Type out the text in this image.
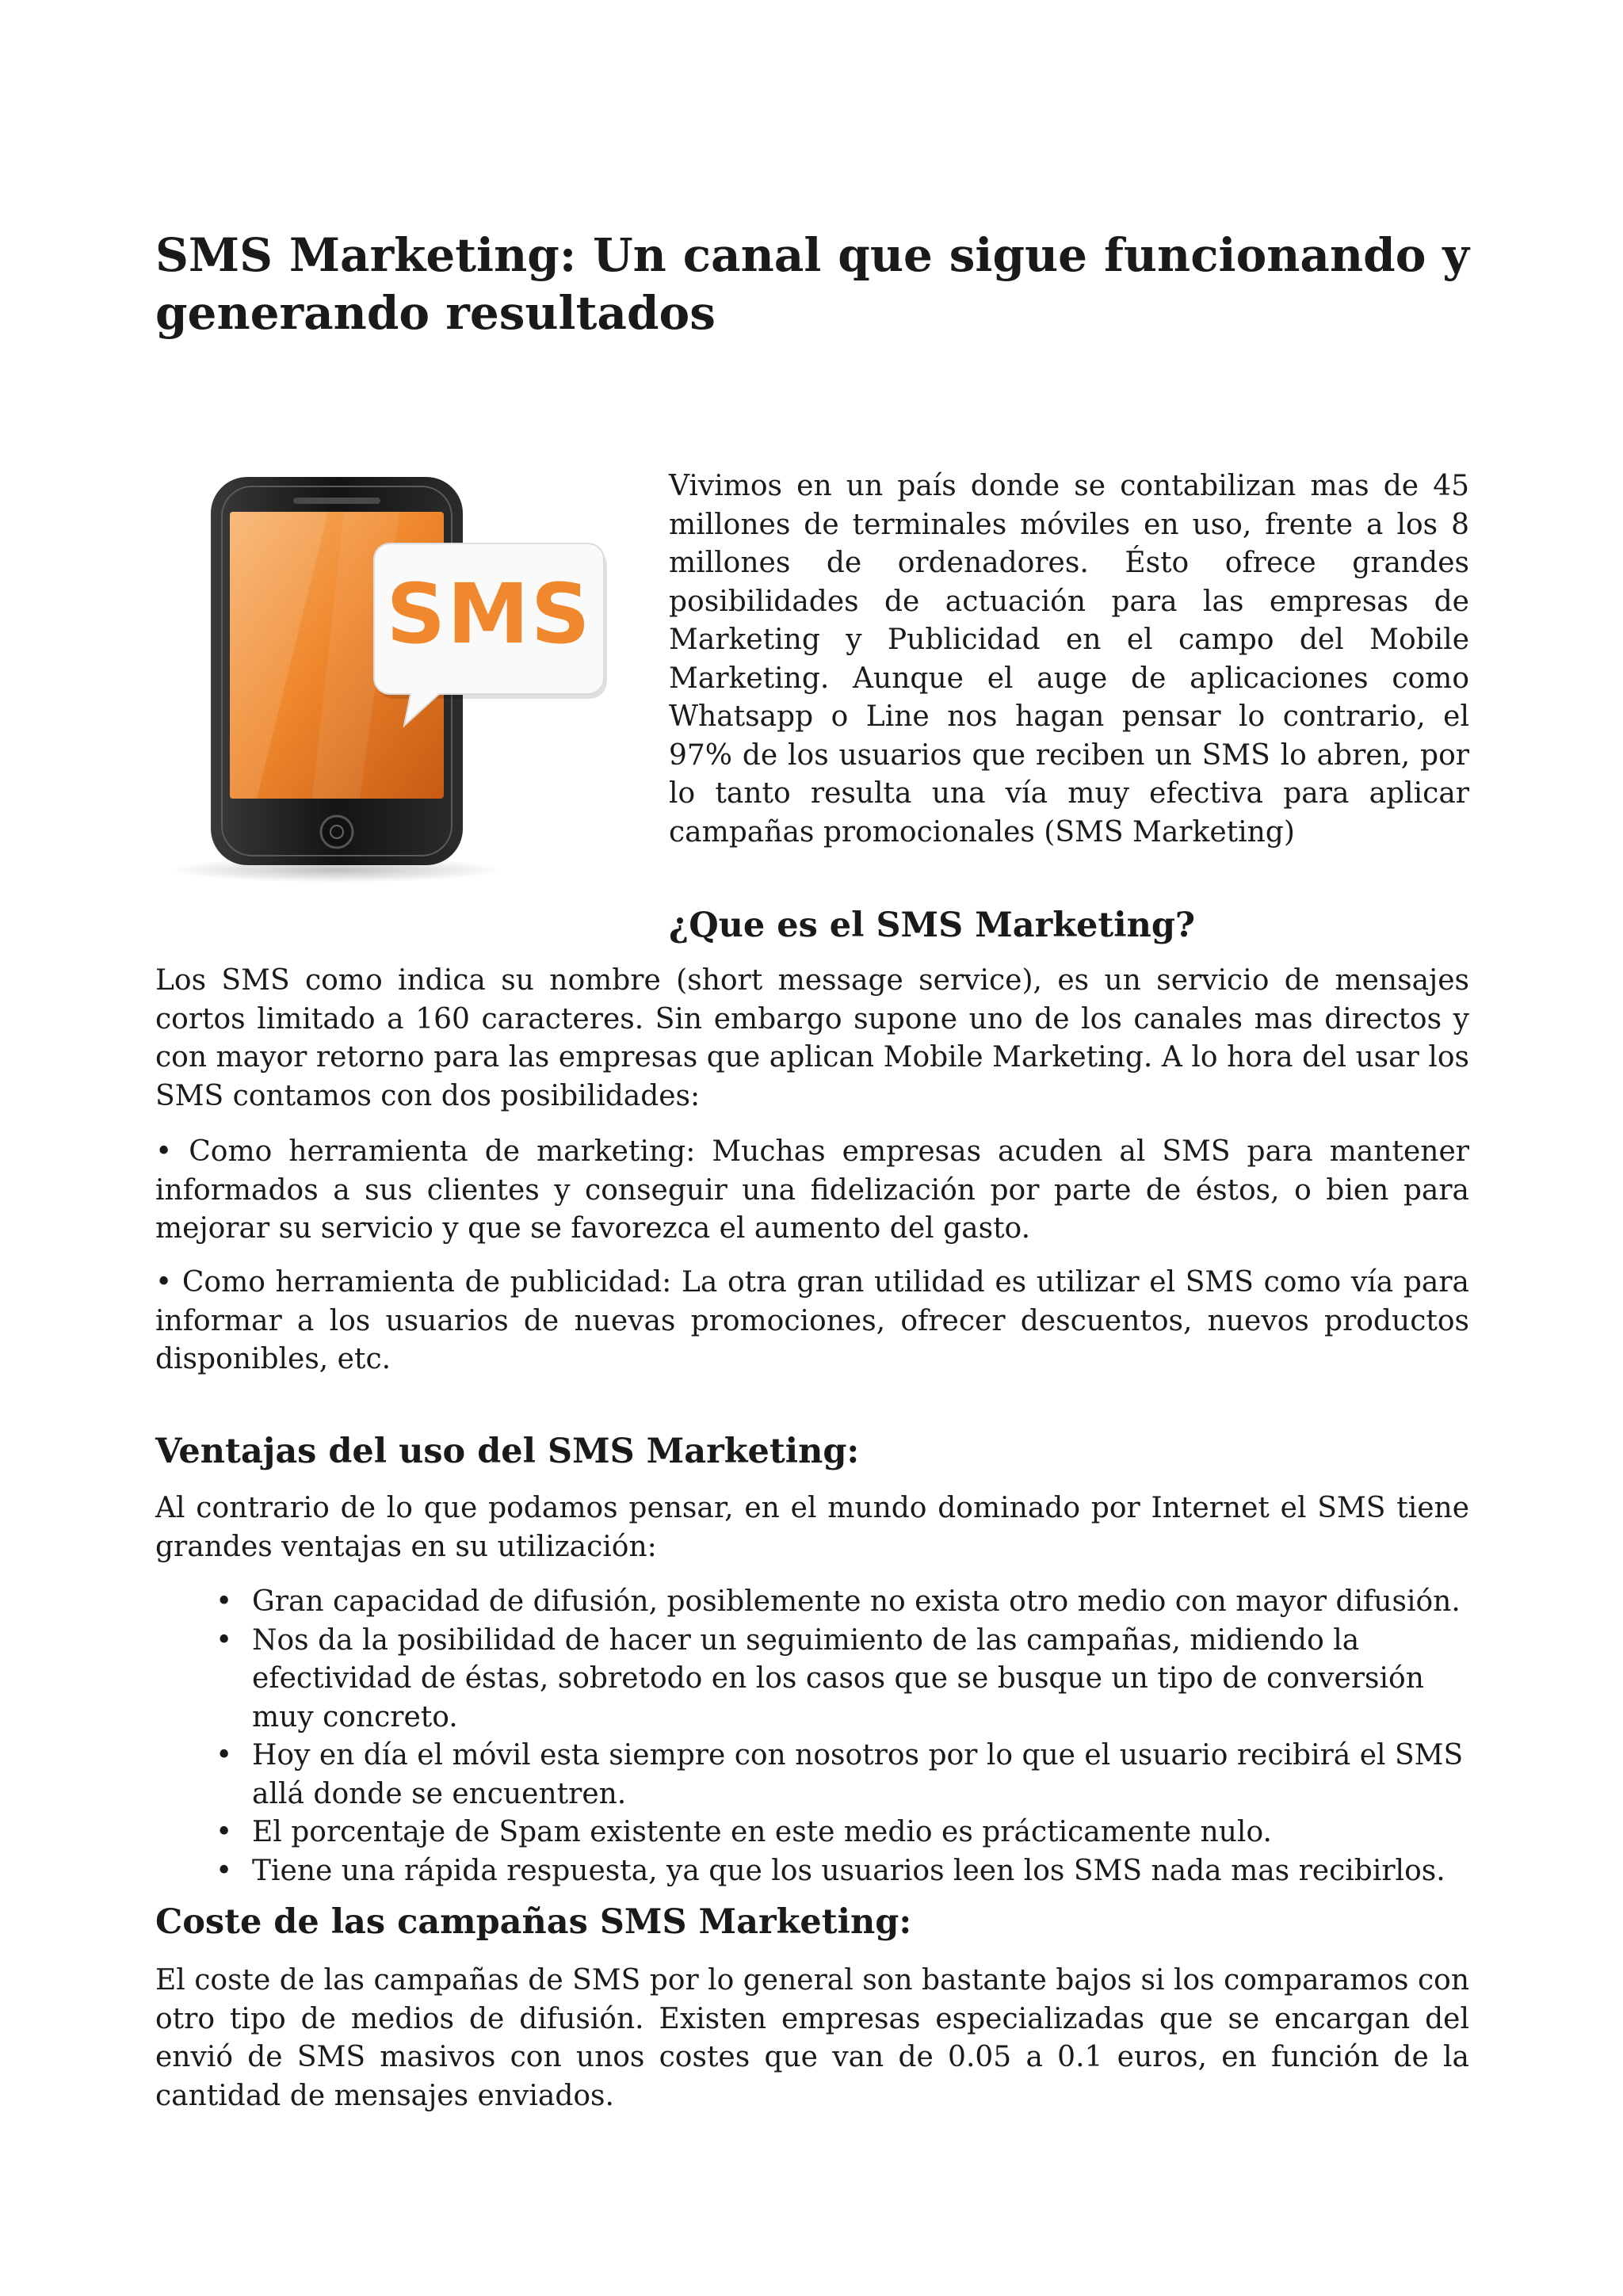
SMS Marketing: Un canal que sigue funcionando y generando resultados
SMS

Vivimos en un país donde se contabilizan mas de 45 millones de terminales móviles en uso, frente a los 8 millones de ordenadores. Ésto ofrece grandes posibilidades de actuación para las empresas de Marketing y Publicidad en el campo del Mobile Marketing. Aunque el auge de aplicaciones como Whatsapp o Line nos hagan pensar lo contrario, el 97% de los usuarios que reciben un SMS lo abren, por lo tanto resulta una vía muy efectiva para aplicar campañas promocionales (SMS Marketing)

¿Que es el SMS Marketing?

Los SMS como indica su nombre (short message service), es un servicio de mensajes cortos limitado a 160 caracteres. Sin embargo supone uno de los canales mas directos y con mayor retorno para las empresas que aplican Mobile Marketing. A lo hora del usar los SMS contamos con dos posibilidades:

• Como herramienta de marketing: Muchas empresas acuden al SMS para mantener informados a sus clientes y conseguir una fidelización por parte de éstos, o bien para mejorar su servicio y que se favorezca el aumento del gasto.

• Como herramienta de publicidad: La otra gran utilidad es utilizar el SMS como vía para informar a los usuarios de nuevas promociones, ofrecer descuentos, nuevos productos disponibles, etc.

Ventajas del uso del SMS Marketing:

Al contrario de lo que podamos pensar, en el mundo dominado por Internet el SMS tiene grandes ventajas en su utilización:

• Gran capacidad de difusión, posiblemente no exista otro medio con mayor difusión.
• Nos da la posibilidad de hacer un seguimiento de las campañas, midiendo la efectividad de éstas, sobretodo en los casos que se busque un tipo de conversión muy concreto.
• Hoy en día el móvil esta siempre con nosotros por lo que el usuario recibirá el SMS allá donde se encuentren.
• El porcentaje de Spam existente en este medio es prácticamente nulo.
• Tiene una rápida respuesta, ya que los usuarios leen los SMS nada mas recibirlos.
Coste de las campañas SMS Marketing:

El coste de las campañas de SMS por lo general son bastante bajos si los comparamos con otro tipo de medios de difusión. Existen empresas especializadas que se encargan del envió de SMS masivos con unos costes que van de 0.05 a 0.1 euros, en función de la cantidad de mensajes enviados.
